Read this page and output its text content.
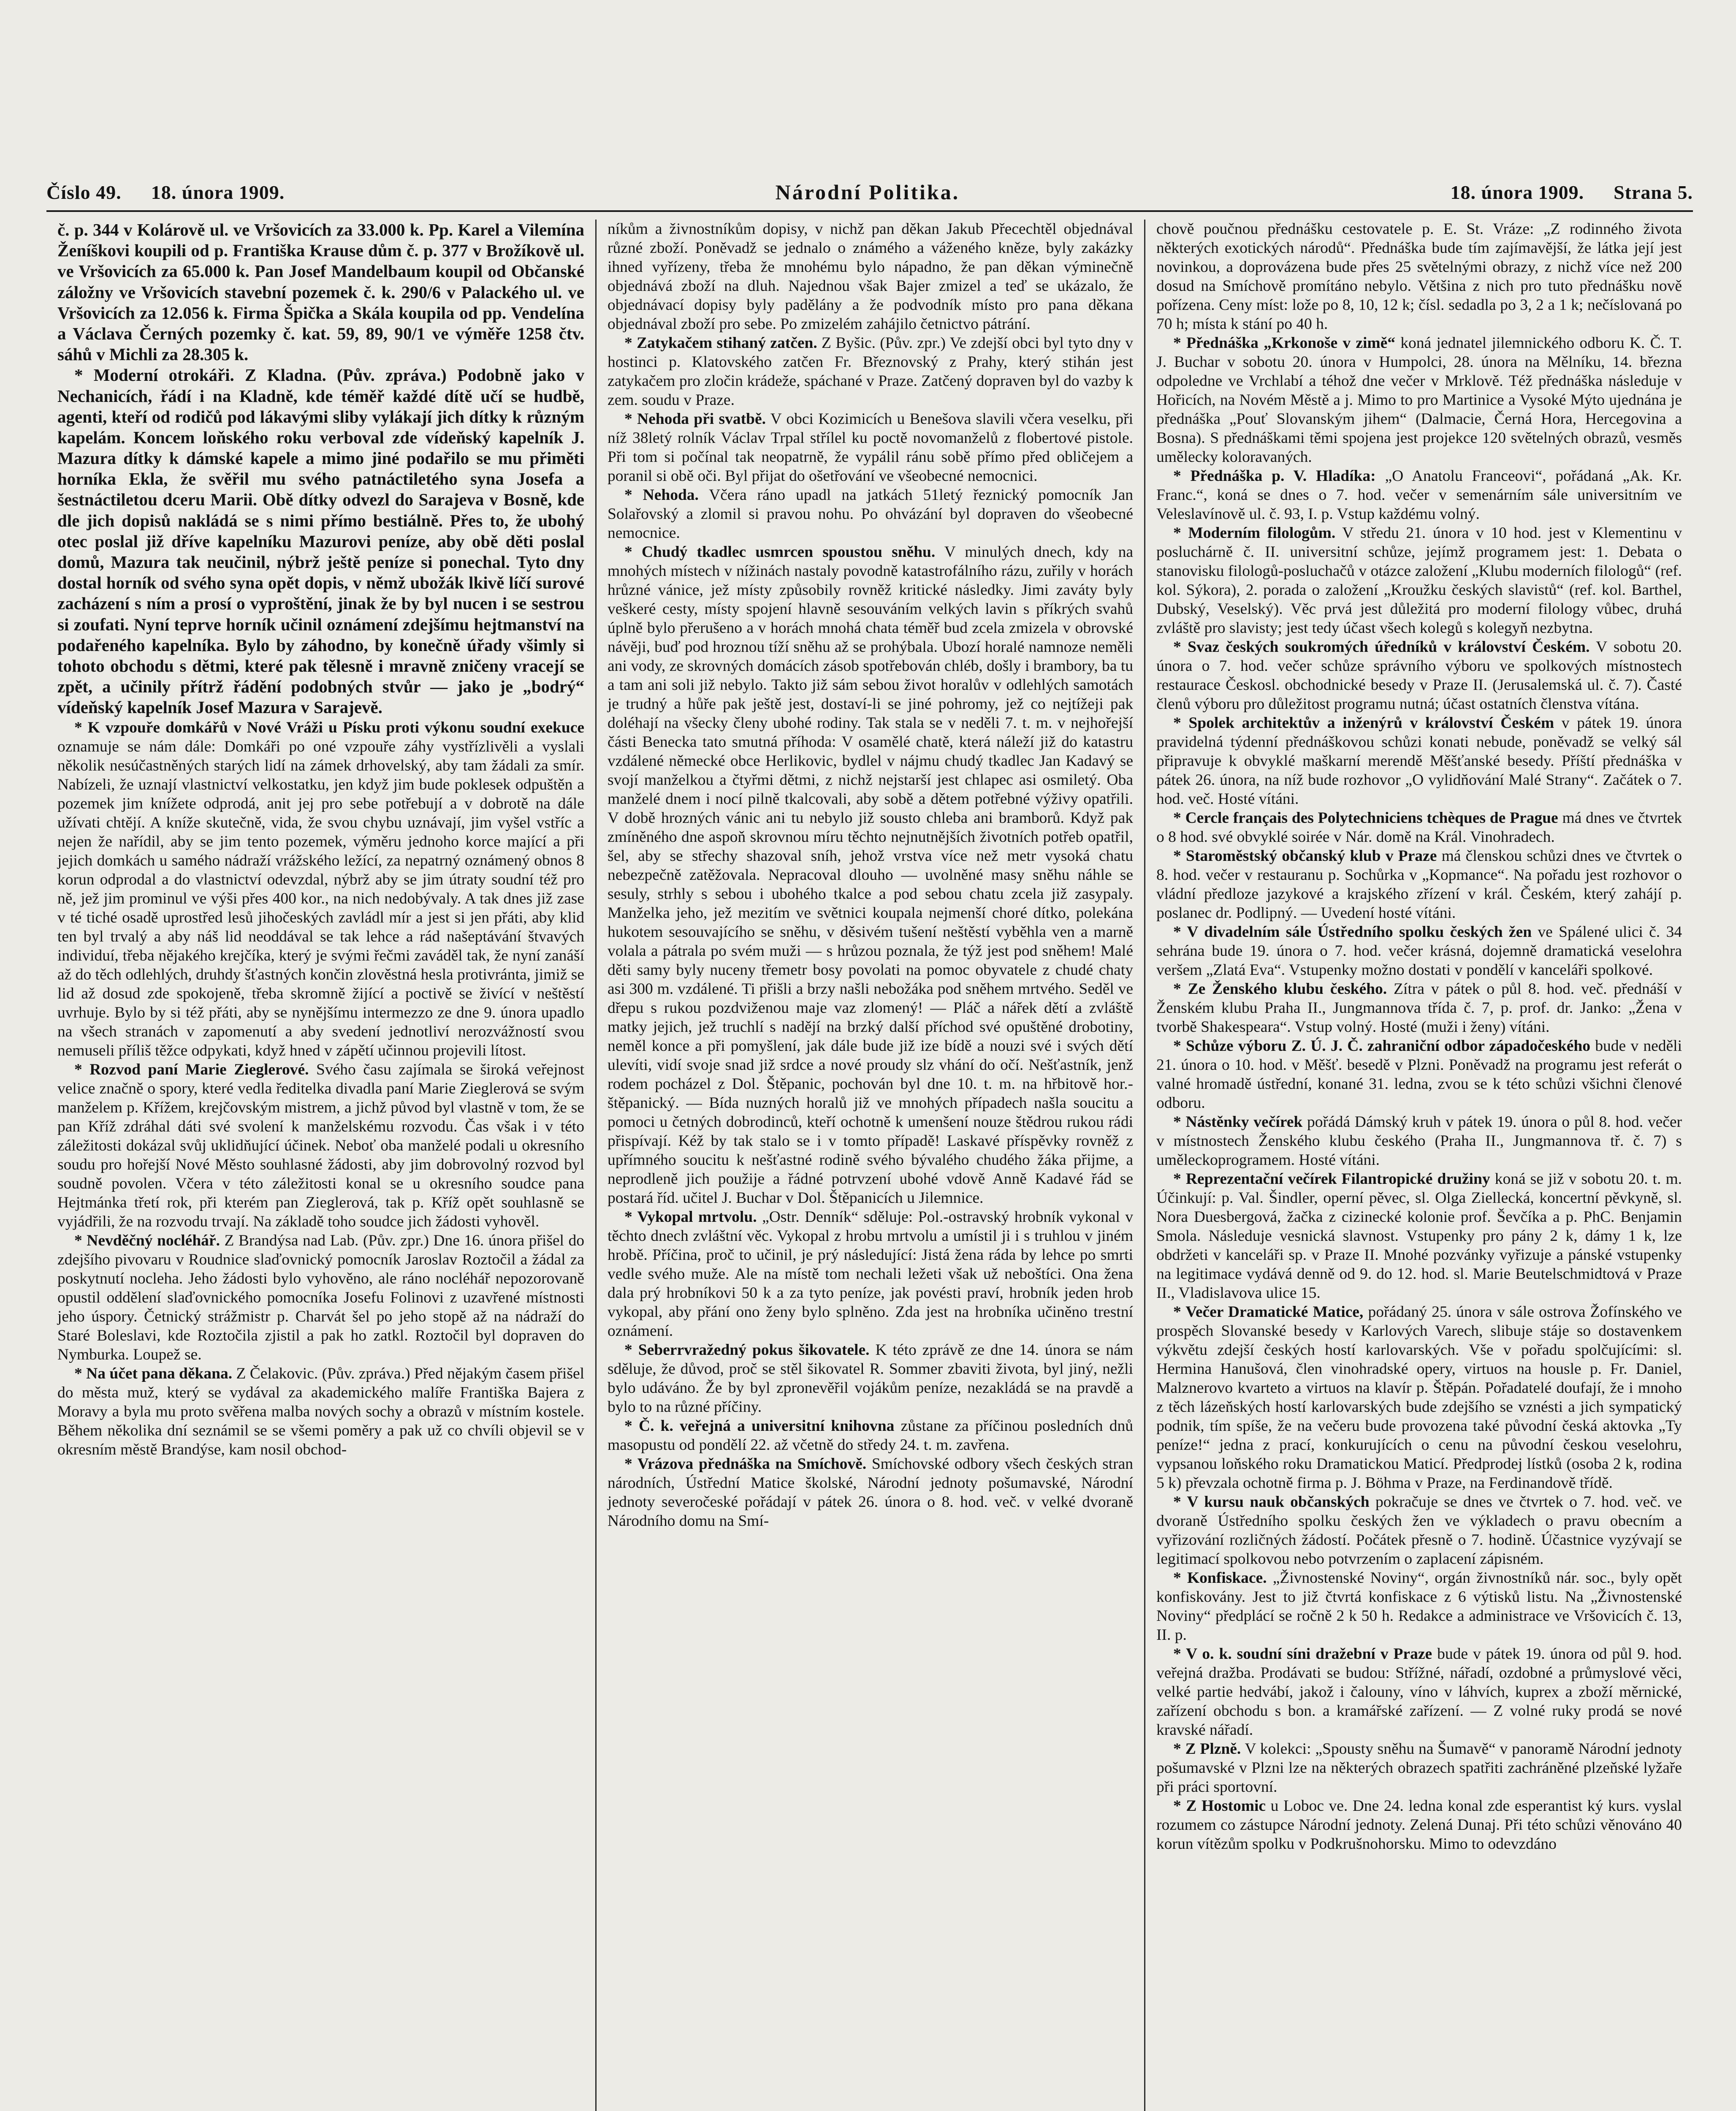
Číslo 49. 18. února 1909.	Národní Politika.	18. února 1909. Strana 5.

č. p. 344 v Kolárově ul. ve Vršovicích za 33.000 k. Pp. Karel a Vilemína Ženíškovi koupili od p. Františka Krause dům č. p. 377 v Brožíkově ul. ve Vršovicích za 65.000 k. Pan Josef Mandelbaum koupil od Občanské záložny ve Vršovicích stavební pozemek č. k. 290/6 v Palackého ul. ve Vršovicích za 12.056 k. Firma Špička a Skála koupila od pp. Vendelína a Václava Černých pozemky č. kat. 59, 89, 90/1 ve výměře 1258 čtv. sáhů v Michli za 28.305 k.

* Moderní otrokáři. Z Kladna. (Pův. zpráva.) Podobně jako v Nechanicích, řádí i na Kladně, kde téměř každé dítě učí se hudbě, agenti, kteří od rodičů pod lákavými sliby vylákají jich dítky k různým kapelám. Koncem loňského roku verboval zde vídeňský kapelník J. Mazura dítky k dámské kapele a mimo jiné podařilo se mu přiměti horníka Ekla, že svěřil mu svého patnáctiletého syna Josefa a šestnáctiletou dceru Marii. Obě dítky odvezl do Sarajeva v Bosně, kde dle jich dopisů nakládá se s nimi přímo bestiálně. Přes to, že ubohý otec poslal již dříve kapelníku Mazurovi peníze, aby obě děti poslal domů, Mazura tak neučinil, nýbrž ještě peníze si ponechal. Tyto dny dostal horník od svého syna opět dopis, v němž ubožák lkivě líčí surové zacházení s ním a prosí o vyproštění, jinak že by byl nucen i se sestrou si zoufati. Nyní teprve horník učinil oznámení zdejšímu hejtmanství na podařeného kapelníka. Bylo by záhodno, by konečně úřady všimly si tohoto obchodu s dětmi, které pak tělesně i mravně zničeny vracejí se zpět, a učinily přítrž řádění podobných stvůr — jako je „bodrý“ vídeňský kapelník Josef Mazura v Sarajevě.

* K vzpouře domkářů v Nové Vráži u Písku proti výkonu soudní exekuce oznamuje se nám dále: Domkáři po oné vzpouře záhy vystřízlivěli a vyslali několik nesúčastněných starých lidí na zámek drhovelský, aby tam žádali za smír. Nabízeli, že uznají vlastnictví velkostatku, jen když jim bude poklesek odpuštěn a pozemek jim knížete odprodá, anit jej pro sebe potřebují a v dobrotě na dále užívati chtějí. A kníže skutečně, vida, že svou chybu uznávají, jim vyšel vstříc a nejen že nařídil, aby se jim tento pozemek, výměru jednoho korce mající a při jejich domkách u samého nádraží vrážského ležící, za nepatrný oznámený obnos 8 korun odprodal a do vlastnictví odevzdal, nýbrž aby se jim útraty soudní též pro ně, jež jim prominul ve výši přes 400 kor., na nich nedobývaly. A tak dnes již zase v té tiché osadě uprostřed lesů jihočeských zavládl mír a jest si jen přáti, aby klid ten byl trvalý a aby náš lid neoddával se tak lehce a rád našeptávání štvavých individuí, třeba nějakého krejčíka, který je svými řečmi zaváděl tak, že nyní zanáší až do těch odlehlých, druhdy šťastných končin zlověstná hesla protivránta, jimiž se lid až dosud zde spokojeně, třeba skromně žijící a poctivě se živící v neštěstí uvrhuje. Bylo by si též přáti, aby se nynějšímu intermezzo ze dne 9. února upadlo na všech stranách v zapomenutí a aby svedení jednotliví nerozvážností svou nemuseli příliš těžce odpykati, když hned v zápětí učinnou projevili lítost.

* Rozvod paní Marie Zieglerové. Svého času zajímala se široká veřejnost velice značně o spory, které vedla ředitelka divadla paní Marie Zieglerová se svým manželem p. Křížem, krejčovským mistrem, a jichž původ byl vlastně v tom, že se pan Kříž zdráhal dáti své svolení k manželskému rozvodu. Čas však i v této záležitosti dokázal svůj uklidňující účinek. Neboť oba manželé podali u okresního soudu pro hořejší Nové Město souhlasné žádosti, aby jim dobrovolný rozvod byl soudně povolen. Včera v této záležitosti konal se u okresního soudce pana Hejtmánka třetí rok, při kterém pan Zieglerová, tak p. Kříž opět souhlasně se vyjádřili, že na rozvodu trvají. Na základě toho soudce jich žádosti vyhověl.

* Nevděčný nocléhář. Z Brandýsa nad Lab. (Pův. zpr.) Dne 16. února přišel do zdejšího pivovaru v Roudnice slaďovnický pomocník Jaroslav Roztočil a žádal za poskytnutí nocleha. Jeho žádosti bylo vyhověno, ale ráno nocléhář nepozorovaně opustil oddělení slaďovnického pomocníka Josefu Folinovi z uzavřené místnosti jeho úspory. Četnický strážmistr p. Charvát šel po jeho stopě až na nádraží do Staré Boleslavi, kde Roztočila zjistil a pak ho zatkl. Roztočil byl dopraven do Nymburka. Loupež se.

* Na účet pana děkana. Z Čelakovic. (Pův. zpráva.) Před nějakým časem přišel do města muž, který se vydával za akademického malíře Františka Bajera z Moravy a byla mu proto svěřena malba nových sochy a obrazů v místním kostele. Během několika dní seznámil se se všemi poměry a pak už co chvíli objevil se v okresním městě Brandýse, kam nosil obchod-

níkům a živnostníkům dopisy, v nichž pan děkan Jakub Přecechtěl objednával různé zboží. Poněvadž se jednalo o známého a váženého kněze, byly zakázky ihned vyřízeny, třeba že mnohému bylo nápadno, že pan děkan výminečně objednává zboží na dluh. Najednou však Bajer zmizel a teď se ukázalo, že objednávací dopisy byly padělány a že podvodník místo pro pana děkana objednával zboží pro sebe. Po zmizelém zahájilo četnictvo pátrání.

* Zatykačem stihaný zatčen. Z Byšic. (Pův. zpr.) Ve zdejší obci byl tyto dny v hostinci p. Klatovského zatčen Fr. Březnovský z Prahy, který stihán jest zatykačem pro zločin krádeže, spáchané v Praze. Zatčený dopraven byl do vazby k zem. soudu v Praze.

* Nehoda při svatbě. V obci Kozimicích u Benešova slavili včera veselku, při níž 38letý rolník Václav Trpal střílel ku poctě novomanželů z flobertové pistole. Při tom si počínal tak neopatrně, že vypálil ránu sobě přímo před obličejem a poranil si obě oči. Byl přijat do ošetřování ve všeobecné nemocnici.

* Nehoda. Včera ráno upadl na jatkách 51letý řeznický pomocník Jan Solařovský a zlomil si pravou nohu. Po ohvázání byl dopraven do všeobecné nemocnice.

* Chudý tkadlec usmrcen spoustou sněhu. V minulých dnech, kdy na mnohých místech v nížinách nastaly povodně katastrofálního rázu, zuřily v horách hrůzné vánice, jež místy způsobily rovněž kritické následky. Jimi zaváty byly veškeré cesty, místy spojení hlavně sesouváním velkých lavin s příkrých svahů úplně bylo přerušeno a v horách mnohá chata téměř bud zcela zmizela v obrovské návěji, buď pod hroznou tíží sněhu až se prohýbala. Ubozí horalé namnoze neměli ani vody, ze skrovných domácích zásob spotřebován chléb, došly i brambory, ba tu a tam ani soli již nebylo. Takto již sám sebou život horalův v odlehlých samotách je trudný a hůře pak ještě jest, dostaví-li se jiné pohromy, jež co nejtížeji pak doléhají na všecky členy ubohé rodiny. Tak stala se v neděli 7. t. m. v nejhořejší části Benecka tato smutná příhoda: V osamělé chatě, která náleží již do katastru vzdálené německé obce Herlikovic, bydlel v nájmu chudý tkadlec Jan Kadavý se svojí manželkou a čtyřmi dětmi, z nichž nejstarší jest chlapec asi osmiletý. Oba manželé dnem i nocí pilně tkalcovali, aby sobě a dětem potřebné výživy opatřili. V době hrozných vánic ani tu nebylo již sousto chleba ani bramborů. Když pak zmíněného dne aspoň skrovnou míru těchto nejnutnějších životních potřeb opatřil, šel, aby se střechy shazoval sníh, jehož vrstva více než metr vysoká chatu nebezpečně zatěžovala. Nepracoval dlouho — uvolněné masy sněhu náhle se sesuly, strhly s sebou i ubohého tkalce a pod sebou chatu zcela již zasypaly. Manželka jeho, jež mezitím ve světnici koupala nejmenší choré dítko, polekána hukotem sesouvajícího se sněhu, v děsivém tušení neštěstí vyběhla ven a marně volala a pátrala po svém muži — s hrůzou poznala, že týž jest pod sněhem! Malé děti samy byly nuceny třemetr bosy povolati na pomoc obyvatele z chudé chaty asi 300 m. vzdálené. Ti přišli a brzy našli nebožáka pod sněhem mrtvého. Seděl ve dřepu s rukou pozdviženou maje vaz zlomený! — Pláč a nářek dětí a zvláště matky jejich, jež truchlí s nadějí na brzký další příchod své opuštěné drobotiny, neměl konce a při pomyšlení, jak dále bude již ize bídě a nouzi své i svých dětí ulevíti, vidí svoje snad již srdce a nové proudy slz vhání do očí. Nešťastník, jenž rodem pocházel z Dol. Štěpanic, pochován byl dne 10. t. m. na hřbitově hor.-štěpanický. — Bída nuzných horalů již ve mnohých případech našla soucitu a pomoci u četných dobrodinců, kteří ochotně k umenšení nouze štědrou rukou rádi přispívají. Kéž by tak stalo se i v tomto případě! Laskavé příspěvky rovněž z upřímného soucitu k nešťastné rodině svého bývalého chudého žáka přijme, a neprodleně jich použije a řádné potrvzení ubohé vdově Anně Kadavé řád se postará říd. učitel J. Buchar v Dol. Štěpanicích u Jilemnice.

* Vykopal mrtvolu. „Ostr. Denník“ sděluje: Pol.-ostravský hrobník vykonal v těchto dnech zvláštní věc. Vykopal z hrobu mrtvolu a umístil ji i s truhlou v jiném hrobě. Příčina, proč to učinil, je prý následující: Jistá žena ráda by lehce po smrti vedle svého muže. Ale na místě tom nechali ležeti však už neboštíci. Ona žena dala prý hrobníkovi 50 k a za tyto peníze, jak povésti praví, hrobník jeden hrob vykopal, aby přání ono ženy bylo splněno. Zda jest na hrobníka učiněno trestní oznámení.

* Seberrvražedný pokus šikovatele. K této zprávě ze dne 14. února se nám sděluje, že důvod, proč se stěl šikovatel R. Sommer zbaviti života, byl jiný, nežli bylo udáváno. Že by byl zpronevěřil vojákům peníze, nezakládá se na pravdě a bylo to na různé příčiny.

* Č. k. veřejná a universitní knihovna zůstane za příčinou posledních dnů masopustu od pondělí 22. až včetně do středy 24. t. m. zavřena.

* Vrázova přednáška na Smíchově. Smíchovské odbory všech českých stran národních, Ústřední Matice školské, Národní jednoty pošumavské, Národní jednoty severočeské pořádají v pátek 26. února o 8. hod. več. v velké dvoraně Národního domu na Smí-

chově poučnou přednášku cestovatele p. E. St. Vráze: „Z rodinného života některých exotických národů“. Přednáška bude tím zajímavější, že látka její jest novinkou, a doprovázena bude přes 25 světelnými obrazy, z nichž více než 200 dosud na Smíchově promítáno nebylo. Většina z nich pro tuto přednášku nově pořízena. Ceny míst: lože po 8, 10, 12 k; čísl. sedadla po 3, 2 a 1 k; nečíslovaná po 70 h; místa k stání po 40 h.

* Přednáška „Krkonoše v zimě“ koná jednatel jilemnického odboru K. Č. T. J. Buchar v sobotu 20. února v Humpolci, 28. února na Mělníku, 14. března odpoledne ve Vrchlabí a téhož dne večer v Mrklově. Též přednáška následuje v Hořicích, na Novém Městě a j. Mimo to pro Martinice a Vysoké Mýto ujednána je přednáška „Pouť Slovanským jihem“ (Dalmacie, Černá Hora, Hercegovina a Bosna). S přednáškami těmi spojena jest projekce 120 světelných obrazů, vesměs umělecky koloravaných.

* Přednáška p. V. Hladíka: „O Anatolu Franceovi“, pořádaná „Ak. Kr. Franc.“, koná se dnes o 7. hod. večer v semenárním sále universitním ve Veleslavínově ul. č. 93, I. p. Vstup každému volný.

* Moderním filologům. V středu 21. února v 10 hod. jest v Klementinu v posluchárně č. II. universitní schůze, jejímž programem jest: 1. Debata o stanovisku filologů-posluchačů v otázce založení „Klubu moderních filologů“ (ref. kol. Sýkora), 2. porada o založení „Kroužku českých slavistů“ (ref. kol. Barthel, Dubský, Veselský). Věc prvá jest důležitá pro moderní filology vůbec, druhá zvláště pro slavisty; jest tedy účast všech kolegů s kolegyň nezbytna.

* Svaz českých soukromých úředníků v království Českém. V sobotu 20. února o 7. hod. večer schůze správního výboru ve spolkových místnostech restaurace Českosl. obchodnické besedy v Praze II. (Jerusalemská ul. č. 7). Časté členů výboru pro důležitost programu nutná; účast ostatních členstva vítána.

* Spolek architektův a inženýrů v království Českém v pátek 19. února pravidelná týdenní přednáškovou schůzi konati nebude, poněvadž se velký sál připravuje k obvyklé maškarní merendě Měšťanské besedy. Příští přednáška v pátek 26. února, na níž bude rozhovor „O vylidňování Malé Strany“. Začátek o 7. hod. več. Hosté vítáni.

* Cercle français des Polytechniciens tchèques de Prague má dnes ve čtvrtek o 8 hod. své obvyklé soirée v Nár. domě na Král. Vinohradech.

* Staroměstský občanský klub v Praze má členskou schůzi dnes ve čtvrtek o 8. hod. večer v restauranu p. Sochůrka v „Kopmance“. Na pořadu jest rozhovor o vládní předloze jazykové a krajského zřízení v král. Českém, který zahájí p. poslanec dr. Podlipný. — Uvedení hosté vítáni.

* V divadelním sále Ústředního spolku českých žen ve Spálené ulici č. 34 sehrána bude 19. února o 7. hod. večer krásná, dojemně dramatická veselohra veršem „Zlatá Eva“. Vstupenky možno dostati v pondělí v kanceláři spolkové.

* Ze Ženského klubu českého. Zítra v pátek o půl 8. hod. več. přednáší v Ženském klubu Praha II., Jungmannova třída č. 7, p. prof. dr. Janko: „Žena v tvorbě Shakespeara“. Vstup volný. Hosté (muži i ženy) vítáni.

* Schůze výboru Z. Ú. J. Č. zahraniční odbor západočeského bude v neděli 21. února o 10. hod. v Měšť. besedě v Plzni. Poněvadž na programu jest referát o valné hromadě ústřední, konané 31. ledna, zvou se k této schůzi všichni členové odboru.

* Nástěnky večírek pořádá Dámský kruh v pátek 19. února o půl 8. hod. večer v místnostech Ženského klubu českého (Praha II., Jungmannova tř. č. 7) s uměleckoprogramem. Hosté vítáni.

* Reprezentační večírek Filantropické družiny koná se již v sobotu 20. t. m. Účinkují: p. Val. Šindler, operní pěvec, sl. Olga Ziellecká, koncertní pěvkyně, sl. Nora Duesbergová, žačka z cizinecké kolonie prof. Ševčíka a p. PhC. Benjamin Smola. Následuje vesnická slavnost. Vstupenky pro pány 2 k, dámy 1 k, lze obdržeti v kanceláři sp. v Praze II. Mnohé pozvánky vyřizuje a pánské vstupenky na legitimace vydává denně od 9. do 12. hod. sl. Marie Beutelschmidtová v Praze II., Vladislavova ulice 15.

* Večer Dramatické Matice, pořádaný 25. února v sále ostrova Žofínského ve prospěch Slovanské besedy v Karlových Varech, slibuje stáje so dostavenkem výkvětu zdejší českých hostí karlovarských. Vše v pořadu spolčujícími: sl. Hermina Hanušová, člen vinohradské opery, virtuos na housle p. Fr. Daniel, Malznerovo kvarteto a virtuos na klavír p. Štěpán. Pořadatelé doufají, že i mnoho z těch lázeňských hostí karlovarských bude zdejšího se vznésti a jich sympatický podnik, tím spíše, že na večeru bude provozena také původní česká aktovka „Ty peníze!“ jedna z prací, konkurujících o cenu na původní českou veselohru, vypsanou loňského roku Dramatickou Maticí. Předprodej lístků (osoba 2 k, rodina 5 k) převzala ochotně firma p. J. Böhma v Praze, na Ferdinandově třídě.

* V kursu nauk občanských pokračuje se dnes ve čtvrtek o 7. hod. več. ve dvoraně Ústředního spolku českých žen ve výkladech o pravu obecním a vyřizování rozličných žádostí. Počátek přesně o 7. hodině. Účastnice vyzývají se legitimací spolkovou nebo potvrzením o zaplacení zápisném.

* Konfiskace. „Živnostenské Noviny“, orgán živnostníků nár. soc., byly opět konfiskovány. Jest to již čtvrtá konfiskace z 6 výtisků listu. Na „Živnostenské Noviny“ předplácí se ročně 2 k 50 h. Redakce a administrace ve Vršovicích č. 13, II. p.

* V o. k. soudní síni dražební v Praze bude v pátek 19. února od půl 9. hod. veřejná dražba. Prodávati se budou: Střížné, nářadí, ozdobné a průmyslové věci, velké partie hedvábí, jakož i čalouny, víno v láhvích, kuprex a zboží měrnické, zařízení obchodu s bon. a kramářské zařízení. — Z volné ruky prodá se nové kravské nářadí.

* Z Plzně. V kolekci: „Spousty sněhu na Šumavě“ v panoramě Národní jednoty pošumavské v Plzni lze na některých obrazech spatřiti zachráněné plzeňské lyžaře při práci sportovní.

* Z Hostomic u Loboc ve. Dne 24. ledna konal zde esperantist ký kurs. vyslal rozumem co zástupce Národní jednoty. Zelená Dunaj. Při této schůzi věnováno 40 korun vítězům spolku v Podkrušnohorsku. Mimo to odevzdáno
